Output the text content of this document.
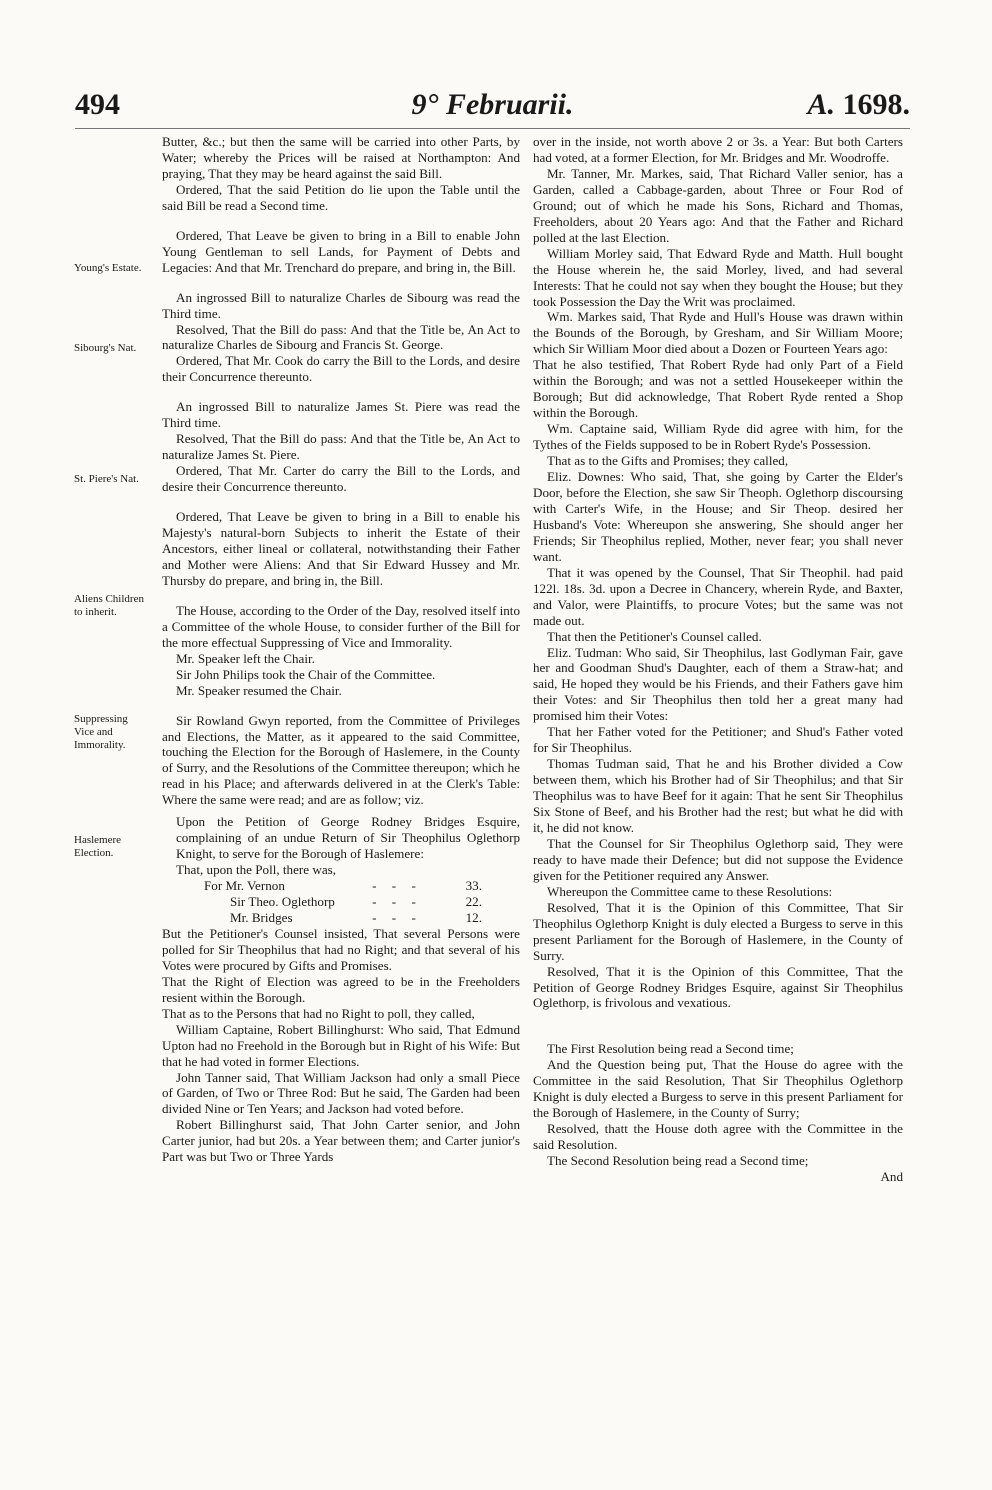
494	9° Februarii.	A. 1698.
Young's Estate.
Sibourg's Nat.
St. Piere's Nat.
Aliens Children to inherit.
Suppressing Vice and Immorality.
Haslemere Election.

Butter, &c.; but then the same will be carried into other Parts, by Water; whereby the Prices will be raised at Northampton: And praying, That they may be heard against the said Bill.

Ordered, That the said Petition do lie upon the Table until the said Bill be read a Second time.

Ordered, That Leave be given to bring in a Bill to enable John Young Gentleman to sell Lands, for Payment of Debts and Legacies: And that Mr. Trenchard do prepare, and bring in, the Bill.

An ingrossed Bill to naturalize Charles de Sibourg was read the Third time.

Resolved, That the Bill do pass: And that the Title be, An Act to naturalize Charles de Sibourg and Francis St. George.

Ordered, That Mr. Cook do carry the Bill to the Lords, and desire their Concurrence thereunto.

An ingrossed Bill to naturalize James St. Piere was read the Third time.

Resolved, That the Bill do pass: And that the Title be, An Act to naturalize James St. Piere.

Ordered, That Mr. Carter do carry the Bill to the Lords, and desire their Concurrence thereunto.

Ordered, That Leave be given to bring in a Bill to enable his Majesty's natural-born Subjects to inherit the Estate of their Ancestors, either lineal or collateral, notwithstanding their Father and Mother were Aliens: And that Sir Edward Hussey and Mr. Thursby do prepare, and bring in, the Bill.

The House, according to the Order of the Day, resolved itself into a Committee of the whole House, to consider further of the Bill for the more effectual Suppressing of Vice and Immorality.

Mr. Speaker left the Chair.

Sir John Philips took the Chair of the Committee.

Mr. Speaker resumed the Chair.

Sir Rowland Gwyn reported, from the Committee of Privileges and Elections, the Matter, as it appeared to the said Committee, touching the Election for the Borough of Haslemere, in the County of Surry, and the Resolutions of the Committee thereupon; which he read in his Place; and afterwards delivered in at the Clerk's Table: Where the same were read; and are as follow; viz.

Upon the Petition of George Rodney Bridges Esquire, complaining of an undue Return of Sir Theophilus Oglethorp Knight, to serve for the Borough of Haslemere:

That, upon the Poll, there was,

For Mr. Vernon	- - -	33.
Sir Theo. Oglethorp	- - -	22.
Mr. Bridges	- - -	12.

But the Petitioner's Counsel insisted, That several Persons were polled for Sir Theophilus that had no Right; and that several of his Votes were procured by Gifts and Promises.

That the Right of Election was agreed to be in the Freeholders resient within the Borough.

That as to the Persons that had no Right to poll, they called,

William Captaine, Robert Billinghurst: Who said, That Edmund Upton had no Freehold in the Borough but in Right of his Wife: But that he had voted in former Elections.

John Tanner said, That William Jackson had only a small Piece of Garden, of Two or Three Rod: But he said, The Garden had been divided Nine or Ten Years; and Jackson had voted before.

Robert Billinghurst said, That John Carter senior, and John Carter junior, had but 20s. a Year between them; and Carter junior's Part was but Two or Three Yards

over in the inside, not worth above 2 or 3s. a Year: But both Carters had voted, at a former Election, for Mr. Bridges and Mr. Woodroffe.

Mr. Tanner, Mr. Markes, said, That Richard Valler senior, has a Garden, called a Cabbage-garden, about Three or Four Rod of Ground; out of which he made his Sons, Richard and Thomas, Freeholders, about 20 Years ago: And that the Father and Richard polled at the last Election.

William Morley said, That Edward Ryde and Matth. Hull bought the House wherein he, the said Morley, lived, and had several Interests: That he could not say when they bought the House; but they took Possession the Day the Writ was proclaimed.

Wm. Markes said, That Ryde and Hull's House was drawn within the Bounds of the Borough, by Gresham, and Sir William Moore; which Sir William Moor died about a Dozen or Fourteen Years ago:

That he also testified, That Robert Ryde had only Part of a Field within the Borough; and was not a settled Housekeeper within the Borough; But did acknowledge, That Robert Ryde rented a Shop within the Borough.

Wm. Captaine said, William Ryde did agree with him, for the Tythes of the Fields supposed to be in Robert Ryde's Possession.

That as to the Gifts and Promises; they called,

Eliz. Downes: Who said, That, she going by Carter the Elder's Door, before the Election, she saw Sir Theoph. Oglethorp discoursing with Carter's Wife, in the House; and Sir Theop. desired her Husband's Vote: Whereupon she answering, She should anger her Friends; Sir Theophilus replied, Mother, never fear; you shall never want.

That it was opened by the Counsel, That Sir Theophil. had paid 122l. 18s. 3d. upon a Decree in Chancery, wherein Ryde, and Baxter, and Valor, were Plaintiffs, to procure Votes; but the same was not made out.

That then the Petitioner's Counsel called.

Eliz. Tudman: Who said, Sir Theophilus, last Godlyman Fair, gave her and Goodman Shud's Daughter, each of them a Straw-hat; and said, He hoped they would be his Friends, and their Fathers gave him their Votes: and Sir Theophilus then told her a great many had promised him their Votes:

That her Father voted for the Petitioner; and Shud's Father voted for Sir Theophilus.

Thomas Tudman said, That he and his Brother divided a Cow between them, which his Brother had of Sir Theophilus; and that Sir Theophilus was to have Beef for it again: That he sent Sir Theophilus Six Stone of Beef, and his Brother had the rest; but what he did with it, he did not know.

That the Counsel for Sir Theophilus Oglethorp said, They were ready to have made their Defence; but did not suppose the Evidence given for the Petitioner required any Answer.

Whereupon the Committee came to these Resolutions:

Resolved, That it is the Opinion of this Committee, That Sir Theophilus Oglethorp Knight is duly elected a Burgess to serve in this present Parliament for the Borough of Haslemere, in the County of Surry.

Resolved, That it is the Opinion of this Committee, That the Petition of George Rodney Bridges Esquire, against Sir Theophilus Oglethorp, is frivolous and vexatious.

The First Resolution being read a Second time;

And the Question being put, That the House do agree with the Committee in the said Resolution, That Sir Theophilus Oglethorp Knight is duly elected a Burgess to serve in this present Parliament for the Borough of Haslemere, in the County of Surry;

Resolved, thatt the House doth agree with the Committee in the said Resolution.

The Second Resolution being read a Second time;

And
